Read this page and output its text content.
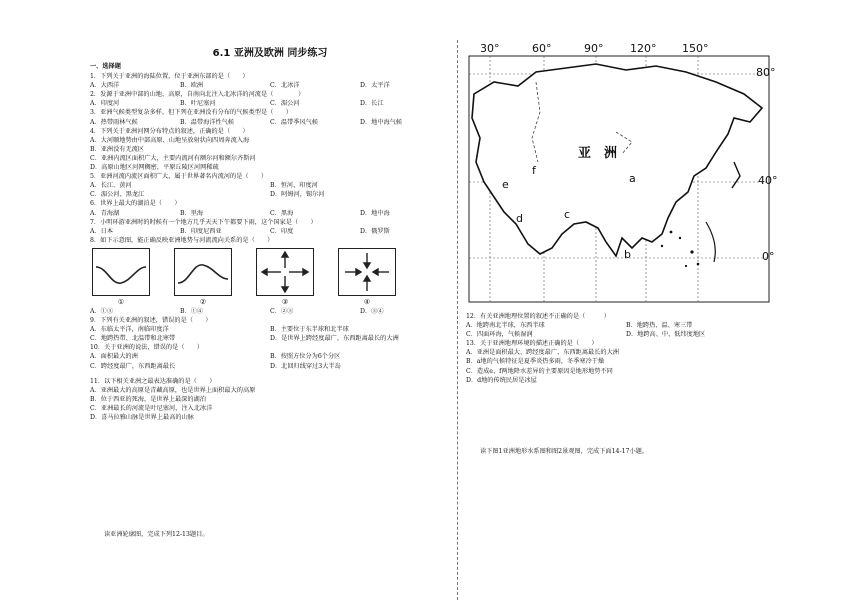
6.1 亚洲及欧洲 同步练习
一、选择题

1．下列关于亚洲的海陆位置，位于亚洲东部的是（　　）

A．大西洋	B．欧洲	C．北冰洋	D．太平洋

2．发源于亚洲中部的山地、高原，自南向北注入北冰洋的河流是（　　　　）

A．印度河	B．叶尼塞河	C．湄公河	D．长江

3．亚洲气候类型复杂多样，但下列在亚洲没有分布的气候类型是（　　）

A．热带雨林气候	B．温带海洋性气候	C．温带季风气候	D．地中海气候

4．下列关于亚洲河网分布特点的叙述，正确的是（　　）

A．大河顺地势由中部高原、山地呈放射状向四周奔流入海

B．亚洲没有无流区

C．亚洲内流区面积广大，主要内流河有额尔河和额尔齐斯河

D．高原山地区河网稠密，平原丘陵区河网稀疏

5．亚洲河流内流区面积广大，属于世界著名内流河的是（　　）

A．长江、黄河	B．恒河、印度河
C．湄公河、黑龙江	D．阿姆河，锡尔河

6．世界上最大的湖泊是（　　）

A．青海湖	B．里海	C．黑海	D．地中海

7．小明环游亚洲时的时候有一个地方几乎天天下午都要下雨，这个国家是（　　）

A．日本	B．印度尼西亚	C．印度	D．俄罗斯

8．如下示意图，能正确反映亚洲地势与河流流向关系的是（　　）

①	②	③	④
A．①③	B．①④	C．②③	D．③④

9．下列有关亚洲的叙述，错误的是（　　）

A．东临太平洋，南临印度洋	B．主要位于东半球和北半球
C．地跨热带、北温带和北寒带	D．是世界上跨经度最广、东西距离最长的大洲

10．关于亚洲的说法，错误的是（　　）

A．面积最大的洲	B．按照方位分为6个分区
C．跨经度最广，东西距离最长	D．北回归线穿过3大半岛

11．以下相关亚洲之最表达准确的是（　　）

A．亚洲最大的高原是青藏高原，也是世界上面积最大的高原

B．位于西亚的死海，是世界上最深的湖泊

C．亚洲最长的河流是叶尼塞河，注入北冰洋

D．喜马拉雅山脉是世界上最高的山脉

读亚洲轮廓图，完成下列12-13题目。
30°	60°	90° 120° 150°
80°
40°
0°
亚　洲
a
b
c
d
e
f

12．有关亚洲地理位置的叙述不正确的是（　　　）

A．地跨南北半球，东西半球	B．地跨热、温、寒三带
C．四面环海，气候湿润	D．地跨高、中、低纬度地区

13．关于亚洲地理环境的描述正确的是（　　）

A．亚洲是面积最大、跨经度最广、东西距离最长的大洲

B．a地的气候特征是夏季炎热多雨，冬季寒冷干燥

C．造成e、f两地降水差异的主要原因是地形地势不同

D．d地的传统民居是冰屋

读下图1亚洲地形水系图和图2景观图，完成下面14-17小题。
